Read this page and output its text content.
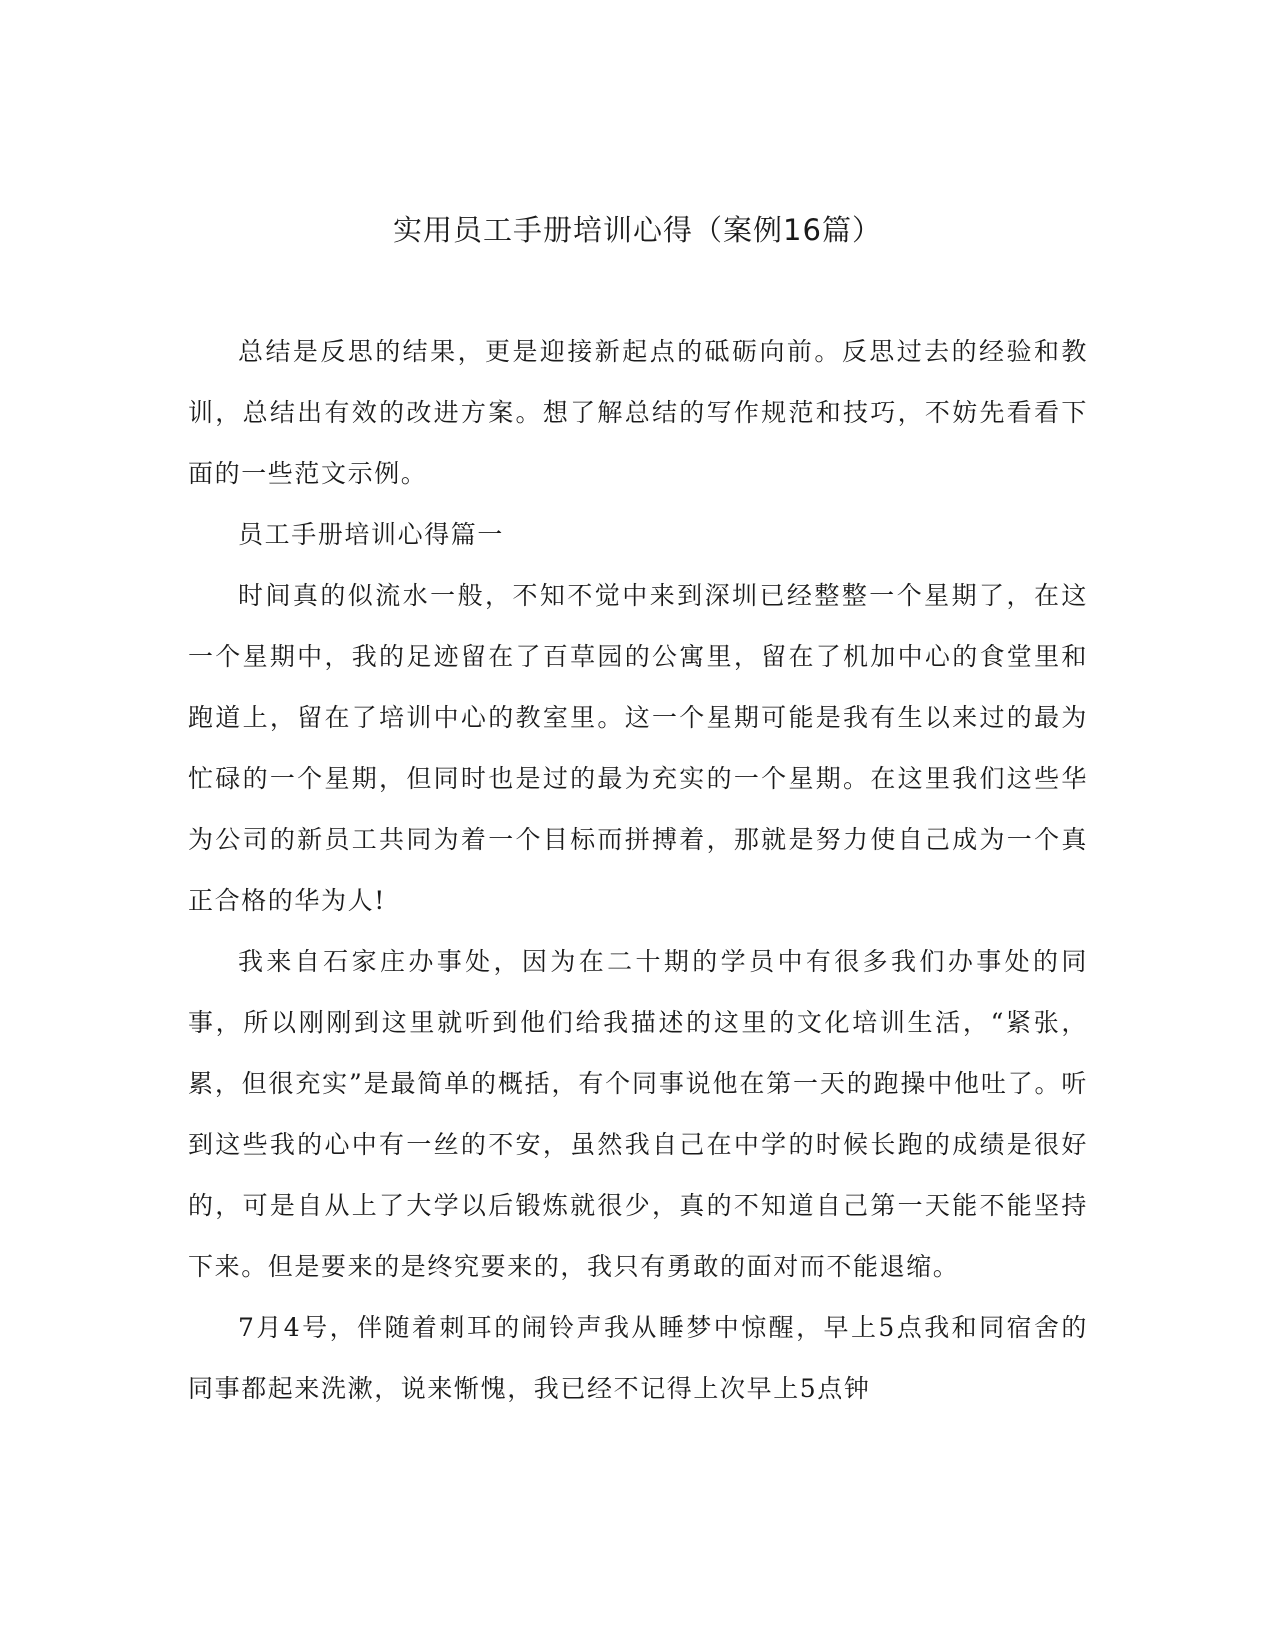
实用员工手册培训心得（案例16篇）

总结是反思的结果，更是迎接新起点的砥砺向前。反思过去的经验和教训，总结出有效的改进方案。想了解总结的写作规范和技巧，不妨先看看下面的一些范文示例。

员工手册培训心得篇一

时间真的似流水一般，不知不觉中来到深圳已经整整一个星期了，在这一个星期中，我的足迹留在了百草园的公寓里，留在了机加中心的食堂里和跑道上，留在了培训中心的教室里。这一个星期可能是我有生以来过的最为忙碌的一个星期，但同时也是过的最为充实的一个星期。在这里我们这些华为公司的新员工共同为着一个目标而拼搏着，那就是努力使自己成为一个真正合格的华为人!

我来自石家庄办事处，因为在二十期的学员中有很多我们办事处的同事，所以刚刚到这里就听到他们给我描述的这里的文化培训生活，“紧张，累，但很充实”是最简单的概括，有个同事说他在第一天的跑操中他吐了。听到这些我的心中有一丝的不安，虽然我自己在中学的时候长跑的成绩是很好的，可是自从上了大学以后锻炼就很少，真的不知道自己第一天能不能坚持下来。但是要来的是终究要来的，我只有勇敢的面对而不能退缩。

7月4号，伴随着刺耳的闹铃声我从睡梦中惊醒，早上5点我和同宿舍的同事都起来洗漱，说来惭愧，我已经不记得上次早上5点钟
